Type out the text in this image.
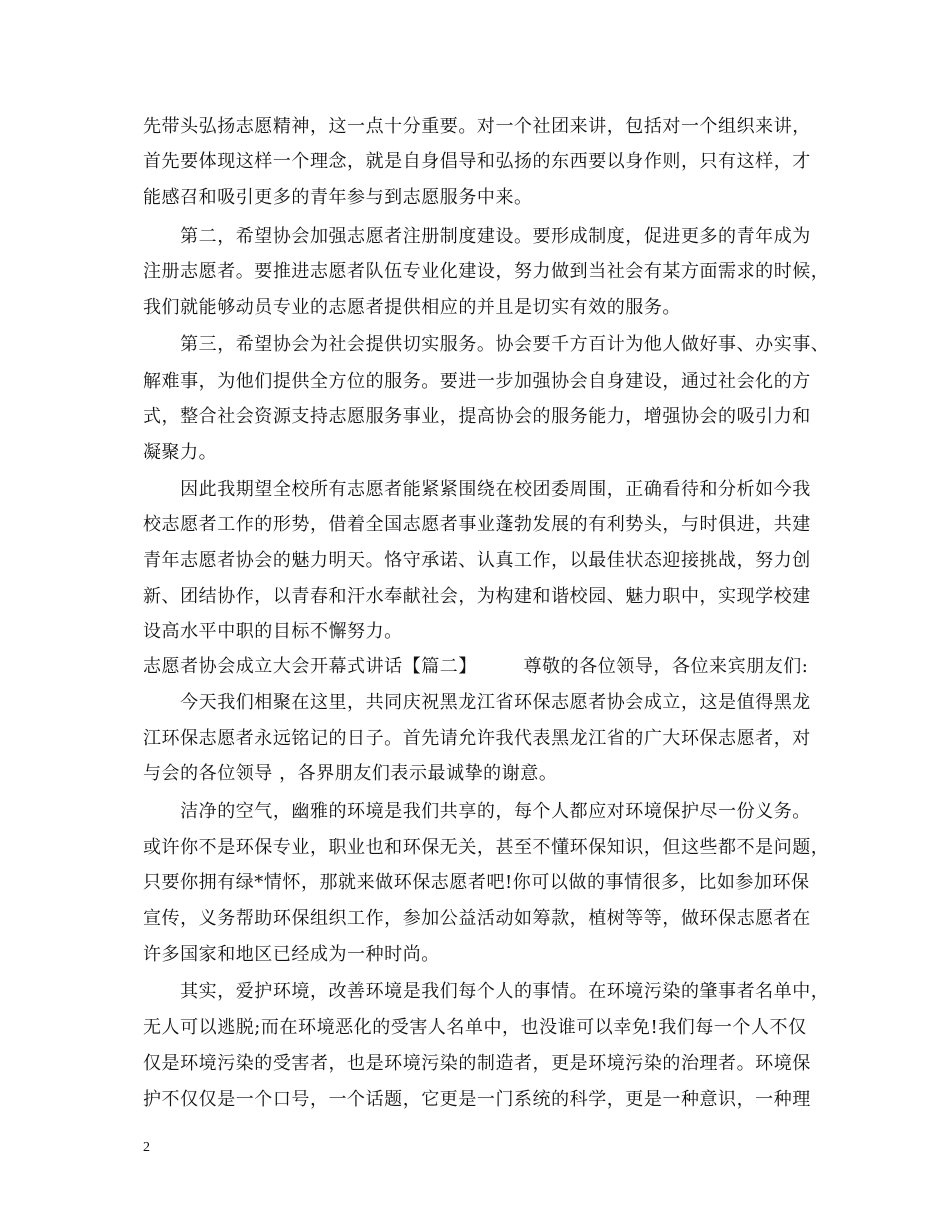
先带头弘扬志愿精神，这一点十分重要。对一个社团来讲，包括对一个组织来讲，
首先要体现这样一个理念，就是自身倡导和弘扬的东西要以身作则，只有这样，才
能感召和吸引更多的青年参与到志愿服务中来。
　　第二，希望协会加强志愿者注册制度建设。要形成制度，促进更多的青年成为
注册志愿者。要推进志愿者队伍专业化建设，努力做到当社会有某方面需求的时候，
我们就能够动员专业的志愿者提供相应的并且是切实有效的服务。
　　第三，希望协会为社会提供切实服务。协会要千方百计为他人做好事、办实事、
解难事，为他们提供全方位的服务。要进一步加强协会自身建设，通过社会化的方
式，整合社会资源支持志愿服务事业，提高协会的服务能力，增强协会的吸引力和
凝聚力。
　　因此我期望全校所有志愿者能紧紧围绕在校团委周围，正确看待和分析如今我
校志愿者工作的形势，借着全国志愿者事业蓬勃发展的有利势头，与时俱进，共建
青年志愿者协会的魅力明天。恪守承诺、认真工作，以最佳状态迎接挑战，努力创
新、团结协作，以青春和汗水奉献社会，为构建和谐校园、魅力职中，实现学校建
设高水平中职的目标不懈努力。
志愿者协会成立大会开幕式讲话【篇二】　　　尊敬的各位领导，各位来宾朋友们:
　　今天我们相聚在这里，共同庆祝黑龙江省环保志愿者协会成立，这是值得黑龙
江环保志愿者永远铭记的日子。首先请允许我代表黑龙江省的广大环保志愿者，对
与会的各位领导 ，各界朋友们表示最诚挚的谢意。
　　洁净的空气，幽雅的环境是我们共享的，每个人都应对环境保护尽一份义务。
或许你不是环保专业，职业也和环保无关，甚至不懂环保知识，但这些都不是问题，
只要你拥有绿*情怀，那就来做环保志愿者吧!你可以做的事情很多，比如参加环保
宣传，义务帮助环保组织工作，参加公益活动如筹款，植树等等，做环保志愿者在
许多国家和地区已经成为一种时尚。
　　其实，爱护环境，改善环境是我们每个人的事情。在环境污染的肇事者名单中，
无人可以逃脱;而在环境恶化的受害人名单中，也没谁可以幸免!我们每一个人不仅
仅是环境污染的受害者，也是环境污染的制造者，更是环境污染的治理者。环境保
护不仅仅是一个口号，一个话题，它更是一门系统的科学，更是一种意识，一种理
2
